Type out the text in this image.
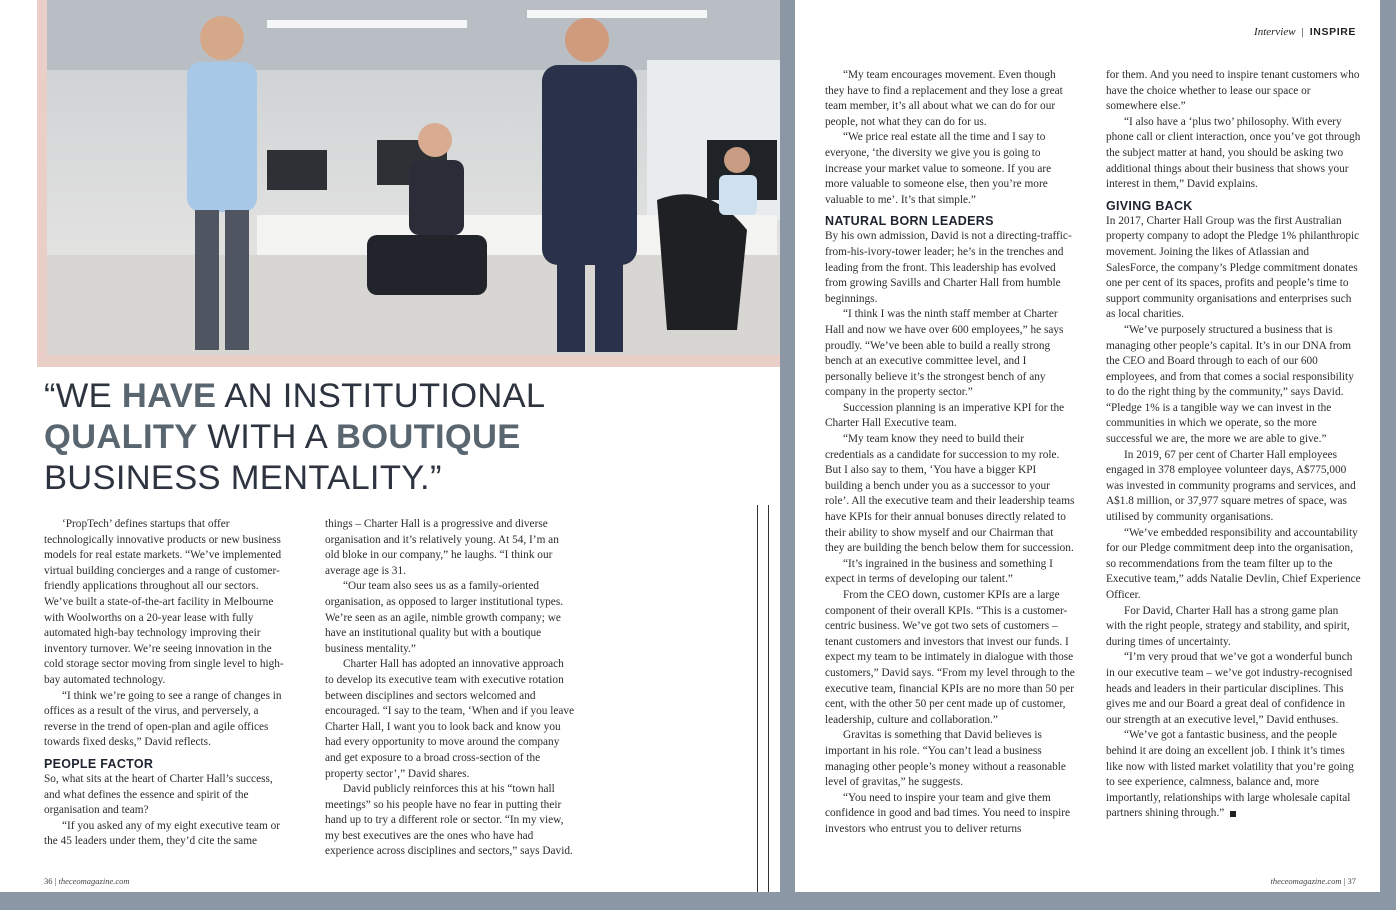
“WE HAVE AN INSTITUTIONAL
QUALITY WITH A BOUTIQUE
BUSINESS MENTALITY.”

‘PropTech’ defines startups that offer technologically innovative products or new business models for real estate markets. “We’ve implemented virtual building concierges and a range of customer-friendly applications throughout all our sectors. We’ve built a state-of-the-art facility in Melbourne with Woolworths on a 20-year lease with fully automated high-bay technology improving their inventory turnover. We’re seeing innovation in the cold storage sector moving from single level to high-bay automated technology.

“I think we’re going to see a range of changes in offices as a result of the virus, and perversely, a reverse in the trend of open-plan and agile offices towards fixed desks,” David reflects.

PEOPLE FACTOR

So, what sits at the heart of Charter Hall’s success, and what defines the essence and spirit of the organisation and team?

“If you asked any of my eight executive team or the 45 leaders under them, they’d cite the same

things – Charter Hall is a progressive and diverse organisation and it’s relatively young. At 54, I’m an old bloke in our company,” he laughs. “I think our average age is 31.

“Our team also sees us as a family-oriented organisation, as opposed to larger institutional types. We’re seen as an agile, nimble growth company; we have an institutional quality but with a boutique business mentality.”

Charter Hall has adopted an innovative approach to develop its executive team with executive rotation between disciplines and sectors welcomed and encouraged. “I say to the team, ‘When and if you leave Charter Hall, I want you to look back and know you had every opportunity to move around the company and get exposure to a broad cross-section of the property sector’,” David shares.

David publicly reinforces this at his “town hall meetings” so his people have no fear in putting their hand up to try a different role or sector. “In my view, my best executives are the ones who have had experience across disciplines and sectors,” says David.

36 | theceomagazine.com
Interview | INSPIRE

“My team encourages movement. Even though they have to find a replacement and they lose a great team member, it’s all about what we can do for our people, not what they can do for us.

“We price real estate all the time and I say to everyone, ‘the diversity we give you is going to increase your market value to someone. If you are more valuable to someone else, then you’re more valuable to me’. It’s that simple.”

NATURAL BORN LEADERS

By his own admission, David is not a directing-traffic-from-his-ivory-tower leader; he’s in the trenches and leading from the front. This leadership has evolved from growing Savills and Charter Hall from humble beginnings.

“I think I was the ninth staff member at Charter Hall and now we have over 600 employees,” he says proudly. “We’ve been able to build a really strong bench at an executive committee level, and I personally believe it’s the strongest bench of any company in the property sector.”

Succession planning is an imperative KPI for the Charter Hall Executive team.

“My team know they need to build their credentials as a candidate for succession to my role. But I also say to them, ‘You have a bigger KPI building a bench under you as a successor to your role’. All the executive team and their leadership teams have KPIs for their annual bonuses directly related to their ability to show myself and our Chairman that they are building the bench below them for succession.

“It’s ingrained in the business and something I expect in terms of developing our talent.”

From the CEO down, customer KPIs are a large component of their overall KPIs. “This is a customer-centric business. We’ve got two sets of customers – tenant customers and investors that invest our funds. I expect my team to be intimately in dialogue with those customers,” David says. “From my level through to the executive team, financial KPIs are no more than 50 per cent, with the other 50 per cent made up of customer, leadership, culture and collaboration.”

Gravitas is something that David believes is important in his role. “You can’t lead a business managing other people’s money without a reasonable level of gravitas,” he suggests.

“You need to inspire your team and give them confidence in good and bad times. You need to inspire investors who entrust you to deliver returns

for them. And you need to inspire tenant customers who have the choice whether to lease our space or somewhere else.”

“I also have a ‘plus two’ philosophy. With every phone call or client interaction, once you’ve got through the subject matter at hand, you should be asking two additional things about their business that shows your interest in them,” David explains.

GIVING BACK

In 2017, Charter Hall Group was the first Australian property company to adopt the Pledge 1% philanthropic movement. Joining the likes of Atlassian and SalesForce, the company’s Pledge commitment donates one per cent of its spaces, profits and people’s time to support community organisations and enterprises such as local charities.

“We’ve purposely structured a business that is managing other people’s capital. It’s in our DNA from the CEO and Board through to each of our 600 employees, and from that comes a social responsibility to do the right thing by the community,” says David. “Pledge 1% is a tangible way we can invest in the communities in which we operate, so the more successful we are, the more we are able to give.”

In 2019, 67 per cent of Charter Hall employees engaged in 378 employee volunteer days, A$775,000 was invested in community programs and services, and A$1.8 million, or 37,977 square metres of space, was utilised by community organisations.

“We’ve embedded responsibility and accountability for our Pledge commitment deep into the organisation, so recommendations from the team filter up to the Executive team,” adds Natalie Devlin, Chief Experience Officer.

For David, Charter Hall has a strong game plan with the right people, strategy and stability, and spirit, during times of uncertainty.

“I’m very proud that we’ve got a wonderful bunch in our executive team – we’ve got industry-recognised heads and leaders in their particular disciplines. This gives me and our Board a great deal of confidence in our strength at an executive level,” David enthuses.

“We’ve got a fantastic business, and the people behind it are doing an excellent job. I think it’s times like now with listed market volatility that you’re going to see experience, calmness, balance and, more importantly, relationships with large wholesale capital partners shining through.”

theceomagazine.com | 37
